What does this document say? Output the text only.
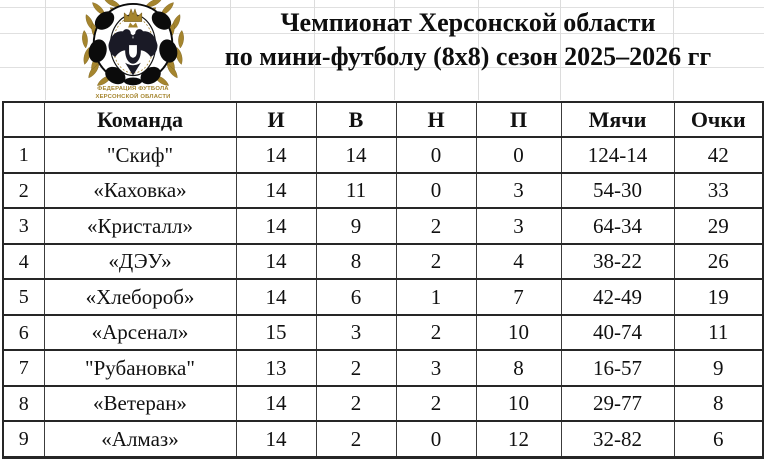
ФЕДЕРАЦИЯ ФУТБОЛА
ХЕРСОНСКОЙ ОБЛАСТИ
Чемпионат Херсонской области
по мини-футболу (8х8) сезон 2025–2026 гг
	Команда	И	В	Н	П	Мячи	Очки
1	"Скиф"	14	14	0	0	124-14	42
2	«Каховка»	14	11	0	3	54-30	33
3	«Кристалл»	14	9	2	3	64-34	29
4	«ДЭУ»	14	8	2	4	38-22	26
5	«Хлебороб»	14	6	1	7	42-49	19
6	«Арсенал»	15	3	2	10	40-74	11
7	"Рубановка"	13	2	3	8	16-57	9
8	«Ветеран»	14	2	2	10	29-77	8
9	«Алмаз»	14	2	0	12	32-82	6
